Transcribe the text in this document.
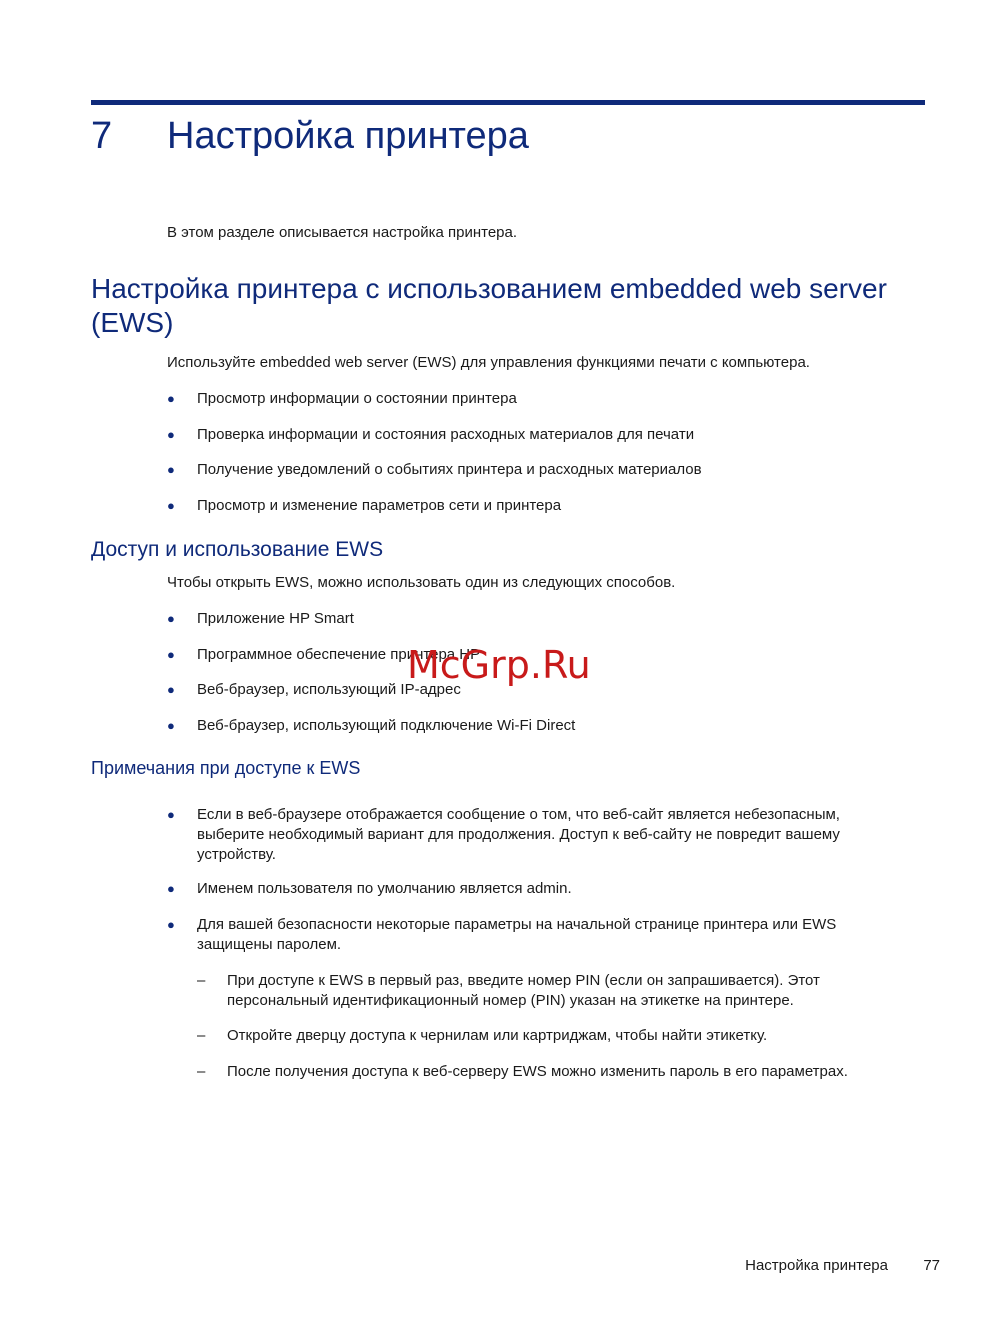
7 Настройка принтера
В этом разделе описывается настройка принтера.
Настройка принтера с использованием embedded web server (EWS)
Используйте embedded web server (EWS) для управления функциями печати с компьютера.
●	Просмотр информации о состоянии принтера
●	Проверка информации и состояния расходных материалов для печати
●	Получение уведомлений о событиях принтера и расходных материалов
●	Просмотр и изменение параметров сети и принтера
Доступ и использование EWS
Чтобы открыть EWS, можно использовать один из следующих способов.
●	Приложение HP Smart
●	Программное обеспечение принтера HP
●	Веб-браузер, использующий IP-адрес
●	Веб-браузер, использующий подключение Wi-Fi Direct
Примечания при доступе к EWS
●	Если в веб-браузере отображается сообщение о том, что веб-сайт является небезопасным, выберите необходимый вариант для продолжения. Доступ к веб-сайту не повредит вашему устройству.
●	Именем пользователя по умолчанию является admin.
●	Для вашей безопасности некоторые параметры на начальной странице принтера или EWS защищены паролем.
–	При доступе к EWS в первый раз, введите номер PIN (если он запрашивается). Этот персональный идентификационный номер (PIN) указан на этикетке на принтере.
–	Откройте дверцу доступа к чернилам или картриджам, чтобы найти этикетку.
–	После получения доступа к веб-серверу EWS можно изменить пароль в его параметрах.
McGrp.Ru
Настройка принтера 77
